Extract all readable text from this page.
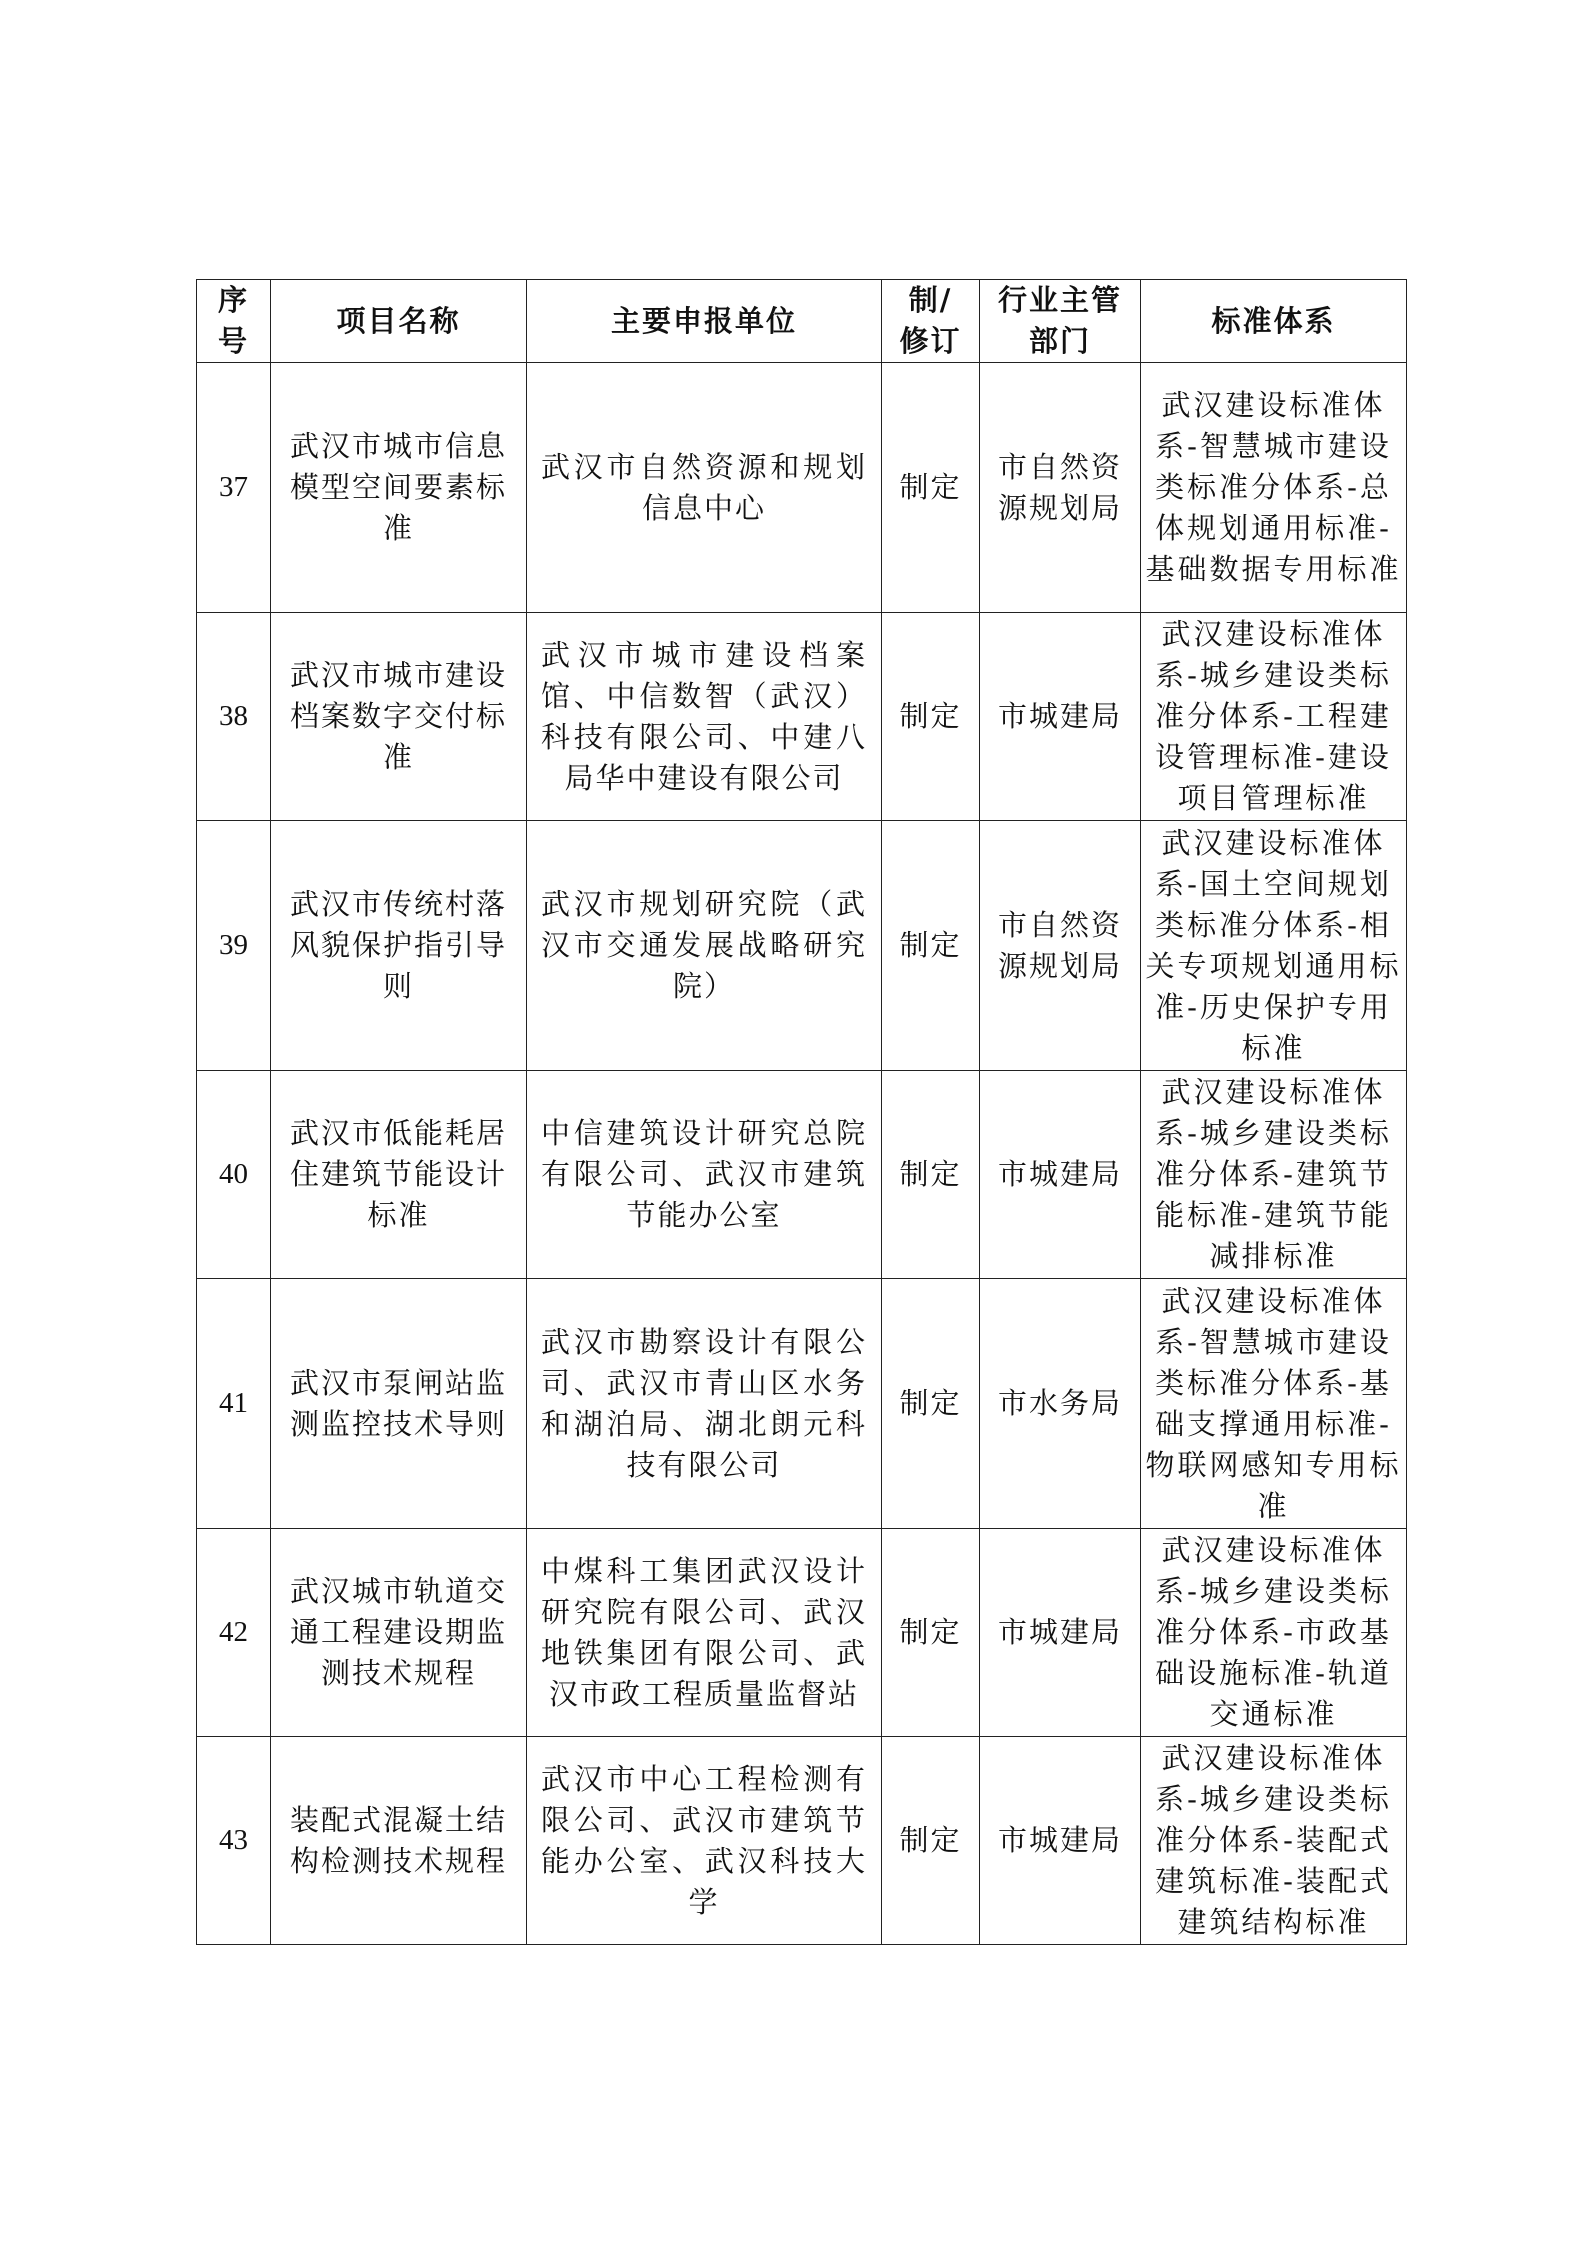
序号	项目名称	主要申报单位	制/修订	行业主管部门	标准体系

37	武汉市城市信息模型空间要素标准	武汉市自然资源和规划信息中心	制定	市自然资源规划局	武汉建设标准体系-智慧城市建设类标准分体系-总体规划通用标准-基础数据专用标准
38	武汉市城市建设档案数字交付标准	武汉市城市建设档案馆、中信数智（武汉）科技有限公司、中建八局华中建设有限公司	制定	市城建局	武汉建设标准体系-城乡建设类标准分体系-工程建设管理标准-建设项目管理标准
39	武汉市传统村落风貌保护指引导则	武汉市规划研究院（武汉市交通发展战略研究院）	制定	市自然资源规划局	武汉建设标准体系-国土空间规划类标准分体系-相关专项规划通用标准-历史保护专用标准
40	武汉市低能耗居住建筑节能设计标准	中信建筑设计研究总院有限公司、武汉市建筑节能办公室	制定	市城建局	武汉建设标准体系-城乡建设类标准分体系-建筑节能标准-建筑节能减排标准
41	武汉市泵闸站监测监控技术导则	武汉市勘察设计有限公司、武汉市青山区水务和湖泊局、湖北朗元科技有限公司	制定	市水务局	武汉建设标准体系-智慧城市建设类标准分体系-基础支撑通用标准-物联网感知专用标准
42	武汉城市轨道交通工程建设期监测技术规程	中煤科工集团武汉设计研究院有限公司、武汉地铁集团有限公司、武汉市政工程质量监督站	制定	市城建局	武汉建设标准体系-城乡建设类标准分体系-市政基础设施标准-轨道交通标准
43	装配式混凝土结构检测技术规程	武汉市中心工程检测有限公司、武汉市建筑节能办公室、武汉科技大学	制定	市城建局	武汉建设标准体系-城乡建设类标准分体系-装配式建筑标准-装配式建筑结构标准
